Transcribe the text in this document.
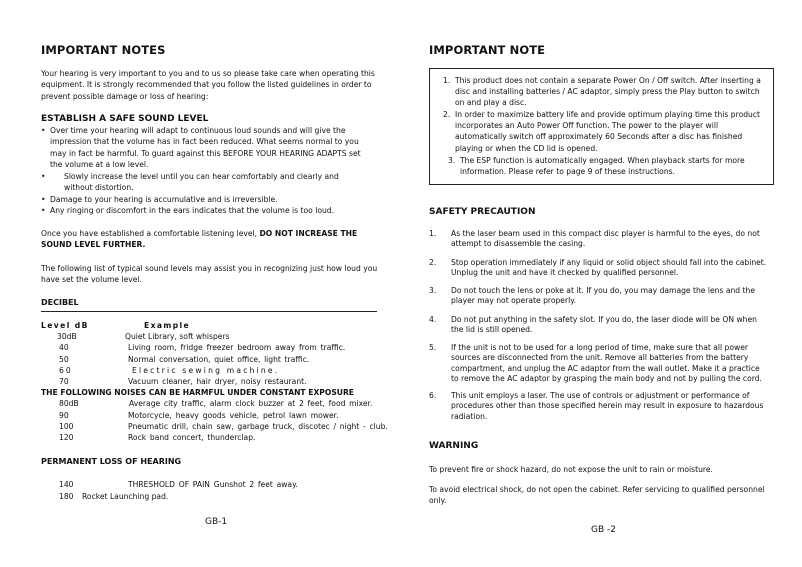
IMPORTANT NOTES
Your hearing is very important to you and to us so please take care when operating this equipment. It is strongly recommended that you follow the listed guidelines in order to prevent possible damage or loss of hearing:
ESTABLISH A SAFE SOUND LEVEL
• Over time your hearing will adapt to continuous loud sounds and will give the impression that the volume has in fact been reduced. What seems normal to you may in fact be harmful. To guard against this BEFORE YOUR HEARING ADAPTS set the volume at a low level.
• Slowly increase the level until you can hear comfortably and clearly and without distortion.
• Damage to your hearing is accumulative and is irreversible.
• Any ringing or discomfort in the ears indicates that the volume is too loud.
Once you have established a comfortable listening level, DO NOT INCREASE THE SOUND LEVEL FURTHER.
The following list of typical sound levels may assist you in recognizing just how loud you have set the volume level.
DECIBEL
Level dB	Example
30dB	Quiet Library, soft whispers
40	Living room, fridge freezer bedroom away from traffic.
50	Normal conversation, quiet office, light traffic.
60	Electric sewing machine.
70	Vacuum cleaner, hair dryer, noisy restaurant.
THE FOLLOWING NOISES CAN BE HARMFUL UNDER CONSTANT EXPOSURE
80dB	Average city traffic, alarm clock buzzer at 2 feet, food mixer.
90	Motorcycle, heavy goods vehicle, petrol lawn mower.
100	Pneumatic drill, chain saw, garbage truck, discotec / night - club.
120	Rock band concert, thunderclap.
PERMANENT LOSS OF HEARING
140	THRESHOLD OF PAIN Gunshot 2 feet away.
180 Rocket Launching pad.
GB-1
IMPORTANT NOTE
1. This product does not contain a separate Power On / Off switch. After inserting a disc and installing batteries / AC adaptor, simply press the Play button to switch on and play a disc.
2. In order to maximize battery life and provide optimum playing time this product incorporates an Auto Power Off function. The power to the player will automatically switch off approximately 60 Seconds after a disc has finished playing or when the CD lid is opened.
3. The ESP function is automatically engaged. When playback starts for more information. Please refer to page 9 of these instructions.
SAFETY PRECAUTION
1.	As the laser beam used in this compact disc player is harmful to the eyes, do not attempt to disassemble the casing.
2.	Stop operation immediately if any liquid or solid object should fall into the cabinet. Unplug the unit and have it checked by qualified personnel.
3.	Do not touch the lens or poke at it. If you do, you may damage the lens and the player may not operate properly.
4.	Do not put anything in the safety slot. If you do, the laser diode will be ON when the lid is still opened.
5.	If the unit is not to be used for a long period of time, make sure that all power sources are disconnected from the unit. Remove all batteries from the battery compartment, and unplug the AC adaptor from the wall outlet. Make it a practice to remove the AC adaptor by grasping the main body and not by pulling the cord.
6.	This unit employs a laser. The use of controls or adjustment or performance of procedures other than those specified herein may result in exposure to hazardous radiation.
WARNING
To prevent fire or shock hazard, do not expose the unit to rain or moisture.
To avoid electrical shock, do not open the cabinet. Refer servicing to qualified personnel only.
GB -2
